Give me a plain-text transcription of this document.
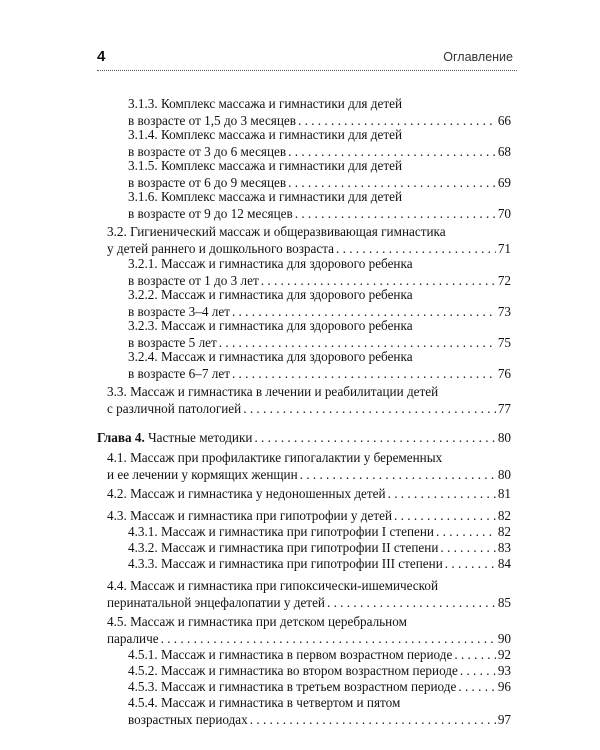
4	Оглавление
3.1.3. Комплекс массажа и гимнастики для детей
в возрасте от 1,5 до 3 месяцев . . .	66
3.1.4. Комплекс массажа и гимнастики для детей
в возрасте от 3 до 6 месяцев . . .	68
3.1.5. Комплекс массажа и гимнастики для детей
в возрасте от 6 до 9 месяцев . . .	69
3.1.6. Комплекс массажа и гимнастики для детей
в возрасте от 9 до 12 месяцев . . .	70
3.2. Гигиенический массаж и общеразвивающая гимнастика
у детей раннего и дошкольного возраста . . .	71
3.2.1. Массаж и гимнастика для здорового ребенка
в возрасте от 1 до 3 лет . . .	72
3.2.2. Массаж и гимнастика для здорового ребенка
в возрасте 3–4 лет . . .	73
3.2.3. Массаж и гимнастика для здорового ребенка
в возрасте 5 лет . . .	75
3.2.4. Массаж и гимнастика для здорового ребенка
в возрасте 6–7 лет . . .	76
3.3. Массаж и гимнастика в лечении и реабилитации детей
с различной патологией . . .	77
Глава 4.
Частные методики . . .	80
4.1. Массаж при профилактике гипогалактии у беременных
и ее лечении у кормящих женщин . . .	80
4.2. Массаж и гимнастика у недоношенных детей . . .	81
4.3. Массаж и гимнастика при гипотрофии у детей . . .	82
4.3.1. Массаж и гимнастика при гипотрофии I степени . . .	82
4.3.2. Массаж и гимнастика при гипотрофии II степени . . .	83
4.3.3. Массаж и гимнастика при гипотрофии III степени . . .	84
4.4. Массаж и гимнастика при гипоксически-ишемической
перинатальной энцефалопатии у детей . . .	85
4.5. Массаж и гимнастика при детском церебральном
параличе . . .	90
4.5.1. Массаж и гимнастика в первом возрастном периоде . . .	92
4.5.2. Массаж и гимнастика во втором возрастном периоде . . .	93
4.5.3. Массаж и гимнастика в третьем возрастном периоде . . .	96
4.5.4. Массаж и гимнастика в четвертом и пятом
возрастных периодах . . .	97
